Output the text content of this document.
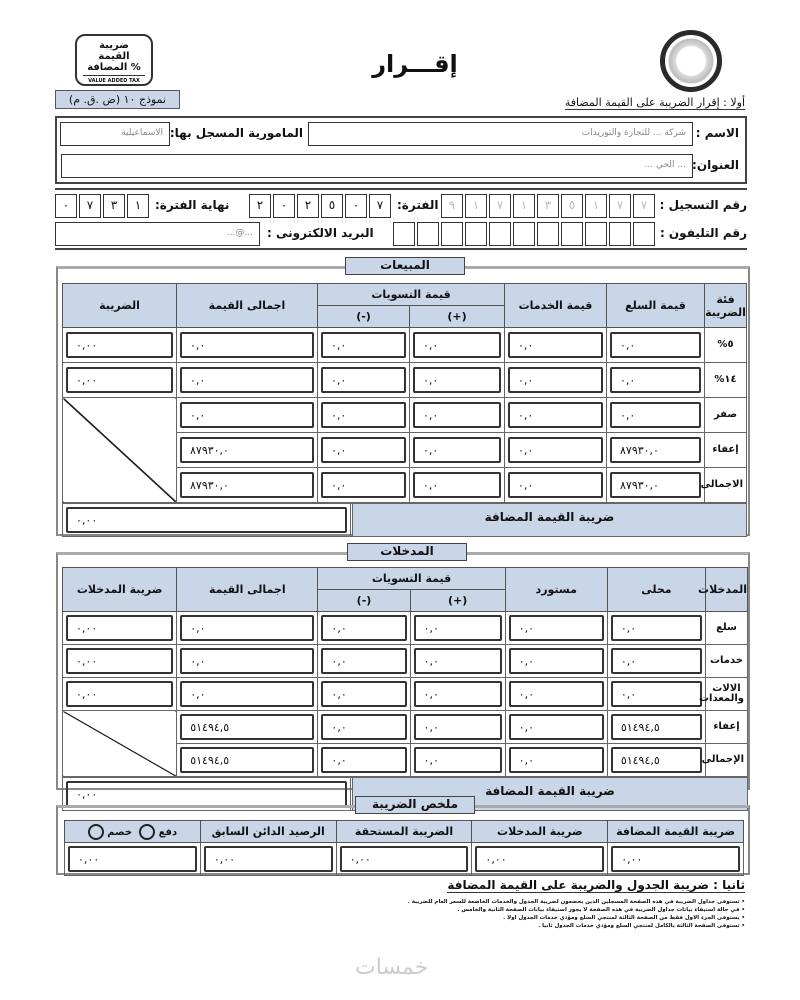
ضريبة
القيمة
المضافة %
VALUE ADDED TAX
إقـــرار
نموذج ١٠ (ض .ق. م)	أولا : إقرار الضريبة على القيمة المضافة
الاسم :
شركة ... للتجارة والتوريدات
المامورية المسجل بها:
الاسماعيلية
العنوان:
... الحي ...
رقم التسجيل :
٧
٧
١
٥
٣
١
٧
١
٩
الفترة:
٢	٠	٢	٥	٠	٧
نهاية الفترة:
٠	٧	٣	١
رقم التليفون :
البريد الالكترونى :
...@...
فئة الضريبة	قيمة السلع	قيمة الخدمات	قيمة التسويات		اجمالى القيمة	الضريبة
			(+)	(-)		
٥%	٠,٠	٠,٠	٠,٠	٠,٠	٠,٠	٠,٠٠

١٤%	٠,٠	٠,٠	٠,٠	٠,٠	٠,٠	٠,٠٠

صفر	٠,٠	٠,٠	٠,٠	٠,٠	٠,٠	

إعفاء	٨٧٩٣٠,٠	٠,٠	٠,٠	٠,٠	٨٧٩٣٠,٠	

الاجمالى	٨٧٩٣٠,٠	٠,٠	٠,٠	٠,٠	٨٧٩٣٠,٠	

ضريبة القيمة المضافة
٠,٠٠						
المبيعات
المدخلات	محلى	مستورد	قيمة التسويات		اجمالى القيمة	ضريبة المدخلات
			(+)	(-)		
سلع	٠,٠	٠,٠	٠,٠	٠,٠	٠,٠	٠,٠٠

خدمات	٠,٠	٠,٠	٠,٠	٠,٠	٠,٠	٠,٠٠

الالات والمعدات	٠,٠	٠,٠	٠,٠	٠,٠	٠,٠	٠,٠٠

إعفاء	٥١٤٩٤,٥	٠,٠	٠,٠	٠,٠	٥١٤٩٤,٥	

الإجمالى	٥١٤٩٤,٥	٠,٠	٠,٠	٠,٠	٥١٤٩٤,٥	

ضريبة القيمة المضافة
٠,٠٠						
المدخلات
ضريبة القيمة المضافة	ضريبة المدخلات	الضريبة المستحقة	الرصيد الدائن السابق	دفع   خصم

٠,٠٠	٠,٠٠	٠,٠٠	٠,٠٠	٠,٠٠
ملخص الضريبة
ثانيا : ضريبة الجدول والضريبة على القيمة المضافة
• تستوفى جداول الضريبة في هذه الصفحة المسجلين الذين يخضعون لضريبة الجدول والخدمات الخاضعة للسعر العام للضريبة .
• في حالة استيفاء بيانات جداول الضريبة في هذه الصفحة لا يجوز استيفاء بيانات الصفحة الثانية والخامس .
• يستوفى الجزء الاول فقط من الصفحة الثالثة لمنتجي السلع ومؤدي خدمات الجدول اولا .
• تستوفى الصفحة الثالثة بالكامل لمنتجي السلع ومؤدي خدمات الجدول ثانيا .
خمسات
